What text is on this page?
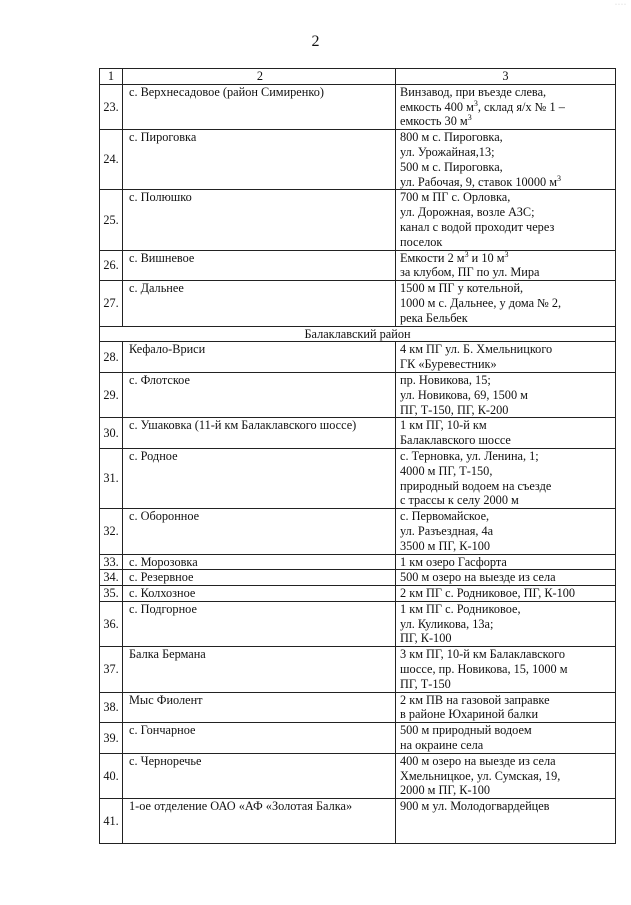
····
2
1	2	3
23.	с. Верхнесадовое (район Симиренко)	Винзавод, при въезде слева,
емкость 400 $м^3$, склад я/х № 1 –
емкость 30 $м^3$

24.	с. Пироговка	800 м с. Пироговка,
ул. Урожайная,13;
500 м с. Пироговка,
ул. Рабочая, 9, ставок 10000 $м^3$

25.	с. Полюшко	700 м ПГ с. Орловка,
ул. Дорожная, возле АЗС;
канал с водой проходит через
поселок

26.	с. Вишневое	Емкости 2 $м^3$ и 10 $м^3$
за клубом, ПГ по ул. Мира

27.	с. Дальнее	1500 м ПГ у котельной,
1000 м с. Дальнее, у дома № 2,
река Бельбек

Балаклавский район		
28.	Кефало-Вриси	4 км ПГ ул. Б. Хмельницкого
ГК «Буревестник»

29.	с. Флотское	пр. Новикова, 15;
ул. Новикова, 69, 1500 м
ПГ, Т-150, ПГ, К-200

30.	с. Ушаковка (11-й км Балаклавского шоссе)	1 км ПГ, 10-й км
Балаклавского шоссе

31.	с. Родное	с. Терновка, ул. Ленина, 1;
4000 м ПГ, Т-150,
природный водоем на съезде
с трассы к селу 2000 м

32.	с. Оборонное	с. Первомайское,
ул. Разъездная, 4а
3500 м ПГ, К-100

33.	с. Морозовка	1 км озеро Гасфорта

34.	с. Резервное	500 м озеро на выезде из села

35.	с. Колхозное	2 км ПГ с. Родниковое, ПГ, К-100

36.	с. Подгорное	1 км ПГ с. Родниковое,
ул. Куликова, 13а;
ПГ, К-100

37.	Балка Бермана	3 км ПГ, 10-й км Балаклавского
шоссе, пр. Новикова, 15, 1000 м
ПГ, Т-150

38.	Мыс Фиолент	2 км ПВ на газовой заправке
в районе Юхариной балки

39.	с. Гончарное	500 м природный водоем
на окраине села

40.	с. Черноречье	400 м озеро на выезде из села
Хмельницкое, ул. Сумская, 19,
2000 м ПГ, К-100

41.	1-ое отделение ОАО «АФ «Золотая Балка»	900 м ул. Молодогвардейцев
